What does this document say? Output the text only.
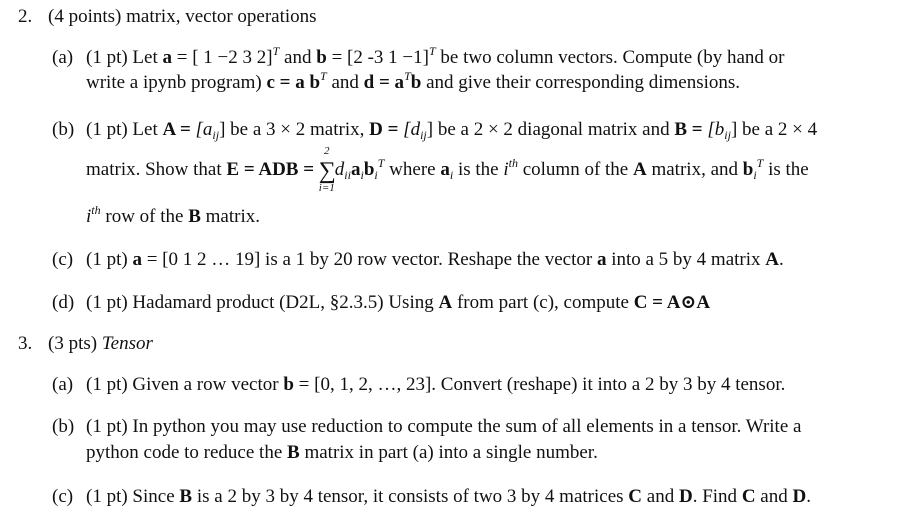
2. (4 points) matrix, vector operations
(a) (1 pt) Let a = [ 1 −2 3 2]$^T$ and b = [2 -3 1 −1]$^T$ be two column vectors. Compute (by hand or
write a ipynb program) c = a $b^T$ and $d = a^Tb$ and give their corresponding dimensions.
(b) (1 pt) Let $A = [a_{ij}]$ be a 3 × 2 matrix, $D = [d_{ij}]$ be a 2 × 2 diagonal matrix and $B = [b_{ij}]$ be a 2 × 4
matrix. Show that E = ADB =
2
∑
i=1
$d_{ii}a_ib_i^T$ where $a_i$ is the $i^{th}$ column of the A matrix, and $b_i^T$ is the
$i^{th}$ row of the B matrix.
(c) (1 pt) a = [0 1 2 … 19] is a 1 by 20 row vector. Reshape the vector a into a 5 by 4 matrix A.
(d) (1 pt) Hadamard product (D2L, §2.3.5) Using A from part (c), compute C = A⊙A
3. (3 pts) Tensor
(a) (1 pt) Given a row vector b = [0, 1, 2, …, 23]. Convert (reshape) it into a 2 by 3 by 4 tensor.
(b) (1 pt) In python you may use reduction to compute the sum of all elements in a tensor. Write a
python code to reduce the B matrix in part (a) into a single number.
(c) (1 pt) Since B is a 2 by 3 by 4 tensor, it consists of two 3 by 4 matrices C and D. Find C and D.
